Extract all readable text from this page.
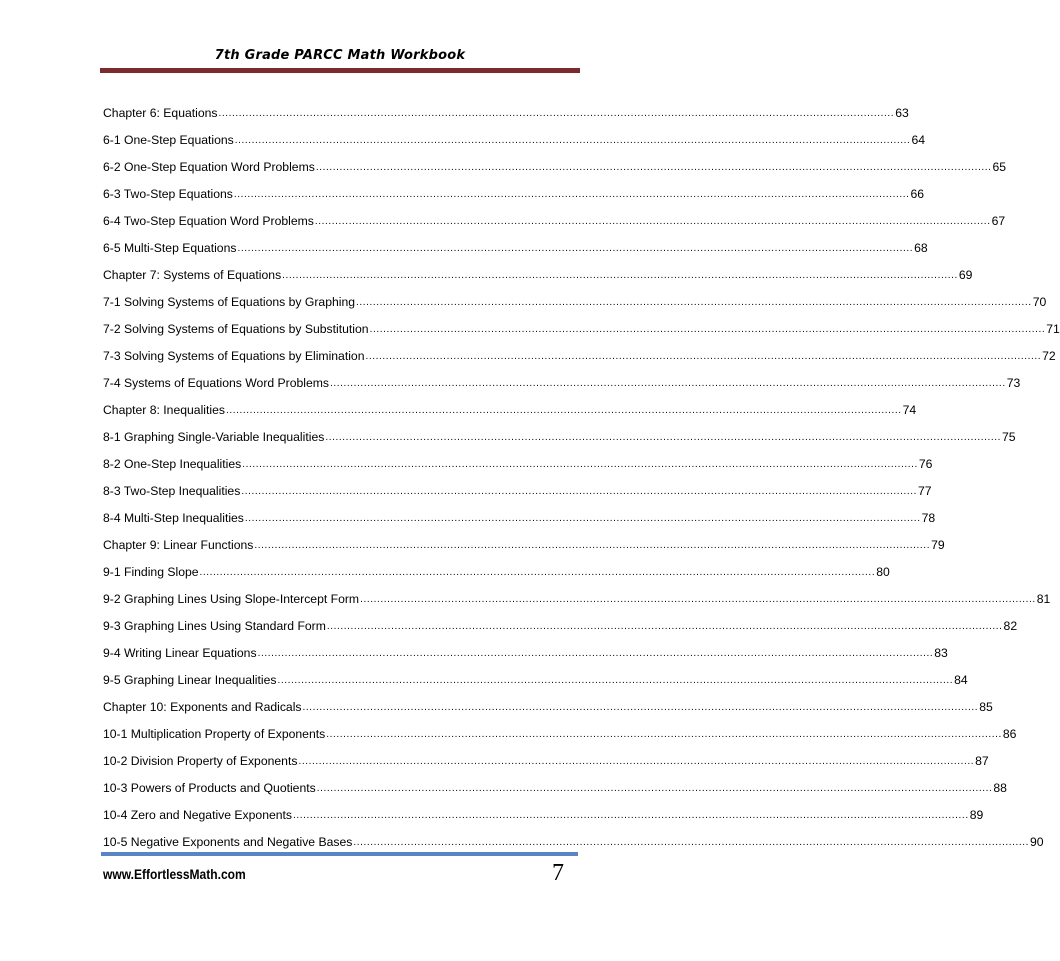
7th Grade PARCC Math Workbook
Chapter 6: Equations ........................................................................................................................................................................................................ 63
6-1 One-Step Equations ........................................................................................................................................................................................................ 64
6-2 One-Step Equation Word Problems ........................................................................................................................................................................................................ 65
6-3 Two-Step Equations ........................................................................................................................................................................................................ 66
6-4 Two-Step Equation Word Problems ........................................................................................................................................................................................................ 67
6-5 Multi-Step Equations ........................................................................................................................................................................................................ 68
Chapter 7: Systems of Equations ........................................................................................................................................................................................................ 69
7-1 Solving Systems of Equations by Graphing ........................................................................................................................................................................................................ 70
7-2 Solving Systems of Equations by Substitution ........................................................................................................................................................................................................ 71
7-3 Solving Systems of Equations by Elimination ........................................................................................................................................................................................................ 72
7-4 Systems of Equations Word Problems ........................................................................................................................................................................................................ 73
Chapter 8: Inequalities ........................................................................................................................................................................................................ 74
8-1 Graphing Single-Variable Inequalities ........................................................................................................................................................................................................ 75
8-2 One-Step Inequalities ........................................................................................................................................................................................................ 76
8-3 Two-Step Inequalities ........................................................................................................................................................................................................ 77
8-4 Multi-Step Inequalities ........................................................................................................................................................................................................ 78
Chapter 9: Linear Functions ........................................................................................................................................................................................................ 79
9-1 Finding Slope ........................................................................................................................................................................................................ 80
9-2 Graphing Lines Using Slope-Intercept Form ........................................................................................................................................................................................................ 81
9-3 Graphing Lines Using Standard Form ........................................................................................................................................................................................................ 82
9-4 Writing Linear Equations ........................................................................................................................................................................................................ 83
9-5 Graphing Linear Inequalities ........................................................................................................................................................................................................ 84
Chapter 10: Exponents and Radicals ........................................................................................................................................................................................................ 85
10-1 Multiplication Property of Exponents ........................................................................................................................................................................................................ 86
10-2 Division Property of Exponents ........................................................................................................................................................................................................ 87
10-3 Powers of Products and Quotients ........................................................................................................................................................................................................ 88
10-4 Zero and Negative Exponents ........................................................................................................................................................................................................ 89
10-5 Negative Exponents and Negative Bases ........................................................................................................................................................................................................ 90
www.EffortlessMath.com	7
